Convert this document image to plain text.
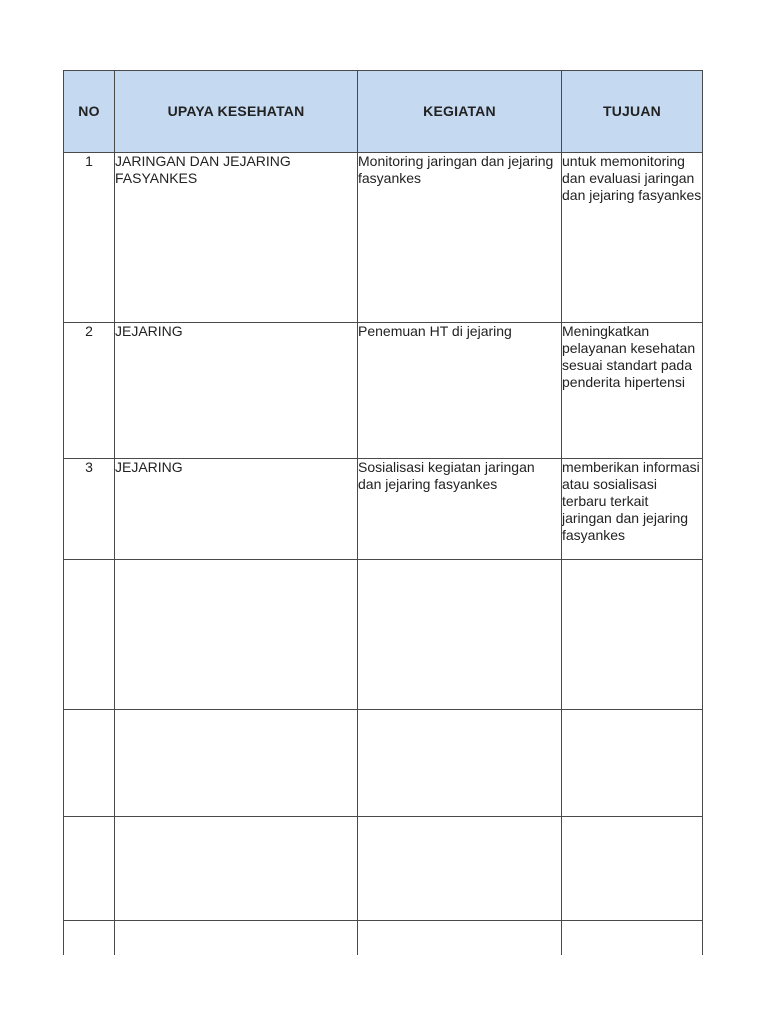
NO	UPAYA KESEHATAN	KEGIATAN	TUJUAN
1	JARINGAN DAN JEJARING FASYANKES	Monitoring jaringan dan jejaring fasyankes	untuk memonitoring dan evaluasi jaringan dan jejaring fasyankes
2	JEJARING	Penemuan HT di jejaring	Meningkatkan pelayanan kesehatan sesuai standart pada penderita hipertensi
3	JEJARING	Sosialisasi kegiatan jaringan dan jejaring fasyankes	memberikan informasi atau sosialisasi terbaru terkait jaringan dan jejaring fasyankes
